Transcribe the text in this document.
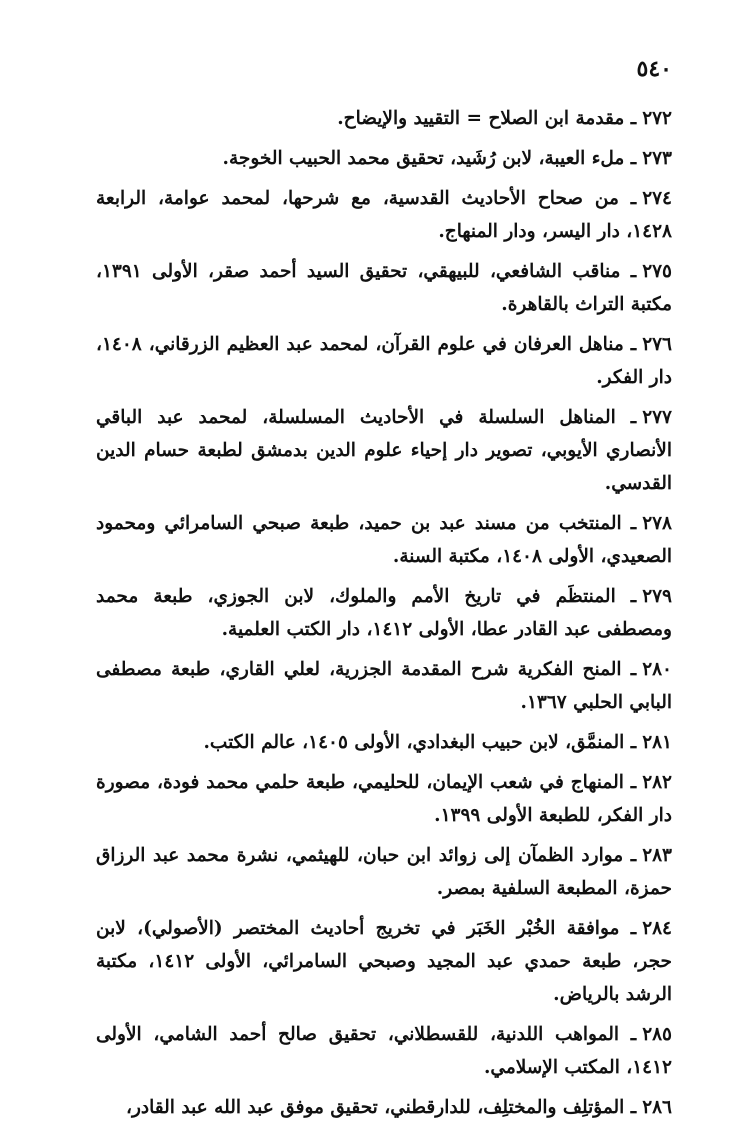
٥٤٠

٢٧٢ـ مقدمة ابن الصلاح = التقييد والإيضاح.

٢٧٣ـ ملء العيبة، لابن رُشَيد، تحقيق محمد الحبيب الخوجة.

٢٧٤ـ من صحاح الأحاديث القدسية، مع شرحها، لمحمد عوامة، الرابعة ١٤٢٨، دار اليسر، ودار المنهاج.

٢٧٥ـ مناقب الشافعي، للبيهقي، تحقيق السيد أحمد صقر، الأولى ١٣٩١، مكتبة التراث بالقاهرة.

٢٧٦ـ مناهل العرفان في علوم القرآن، لمحمد عبد العظيم الزرقاني، ١٤٠٨، دار الفكر.

٢٧٧ـ المناهل السلسلة في الأحاديث المسلسلة، لمحمد عبد الباقي الأنصاري الأيوبي، تصوير دار إحياء علوم الدين بدمشق لطبعة حسام الدين القدسي.

٢٧٨ـ المنتخب من مسند عبد بن حميد، طبعة صبحي السامرائي ومحمود الصعيدي، الأولى ١٤٠٨، مكتبة السنة.

٢٧٩ـ المنتظَم في تاريخ الأمم والملوك، لابن الجوزي، طبعة محمد ومصطفى عبد القادر عطا، الأولى ١٤١٢، دار الكتب العلمية.

٢٨٠ـ المنح الفكرية شرح المقدمة الجزرية، لعلي القاري، طبعة مصطفى البابي الحلبي ١٣٦٧.

٢٨١ـ المنمَّق، لابن حبيب البغدادي، الأولى ١٤٠٥، عالم الكتب.

٢٨٢ـ المنهاج في شعب الإيمان، للحليمي، طبعة حلمي محمد فودة، مصورة دار الفكر، للطبعة الأولى ١٣٩٩.

٢٨٣ـ موارد الظمآن إلى زوائد ابن حبان، للهيثمي، نشرة محمد عبد الرزاق حمزة، المطبعة السلفية بمصر.

٢٨٤ـ موافقة الخُبْر الخَبَر في تخريج أحاديث المختصر (الأصولي)، لابن حجر، طبعة حمدي عبد المجيد وصبحي السامرائي، الأولى ١٤١٢، مكتبة الرشد بالرياض.

٢٨٥ـ المواهب اللدنية، للقسطلاني، تحقيق صالح أحمد الشامي، الأولى ١٤١٢، المكتب الإسلامي.

٢٨٦ـ المؤتلِف والمختلِف، للدارقطني، تحقيق موفق عبد الله عبد القادر،
